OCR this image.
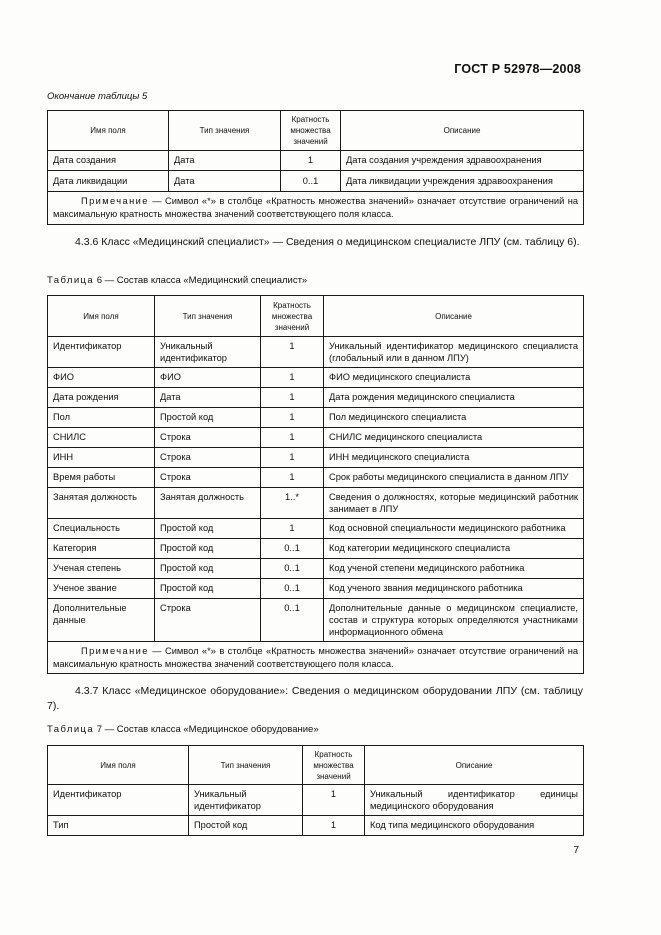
ГОСТ Р 52978—2008
Окончание таблицы 5
Имя поля	Тип значения	Кратность множества значений	Описание
Дата создания	Дата	1	Дата создания учреждения здравоохранения
Дата ликвидации	Дата	0..1	Дата ликвидации учреждения здравоохранения

Примечание — Символ «*» в столбце «Кратность множества значений» означает отсутствие ограничений на максимальную кратность множества значений соответствующего поля класса.			
4.3.6 Класс «Медицинский специалист» — Сведения о медицинском специалисте ЛПУ (см. таблицу 6).
Таблица 6 — Состав класса «Медицинский специалист»
Имя поля	Тип значения	Кратность множества значений	Описание
Идентификатор	Уникальный идентификатор	1	Уникальный идентификатор медицинского специалиста (глобальный или в данном ЛПУ)
ФИО	ФИО	1	ФИО медицинского специалиста
Дата рождения	Дата	1	Дата рождения медицинского специалиста
Пол	Простой код	1	Пол медицинского специалиста
СНИЛС	Строка	1	СНИЛС медицинского специалиста
ИНН	Строка	1	ИНН медицинского специалиста
Время работы	Строка	1	Срок работы медицинского специалиста в данном ЛПУ
Занятая должность	Занятая должность	1..*	Сведения о должностях, которые медицинский работник занимает в ЛПУ
Специальность	Простой код	1	Код основной специальности медицинского работника
Категория	Простой код	0..1	Код категории медицинского специалиста
Ученая степень	Простой код	0..1	Код ученой степени медицинского работника
Ученое звание	Простой код	0..1	Код ученого звания медицинского работника
Дополнительные данные	Строка	0..1	Дополнительные данные о медицинском специалисте, состав и структура которых определяются участниками информационного обмена

Примечание — Символ «*» в столбце «Кратность множества значений» означает отсутствие ограничений на максимальную кратность множества значений соответствующего поля класса.			
4.3.7 Класс «Медицинское оборудование»: Сведения о медицинском оборудовании ЛПУ (см. таблицу 7).
Таблица 7 — Состав класса «Медицинское оборудование»
Имя поля	Тип значения	Кратность множества значений	Описание
Идентификатор	Уникальный идентификатор	1	Уникальный идентификатор единицы медицинского оборудования
Тип	Простой код	1	Код типа медицинского оборудования
7
